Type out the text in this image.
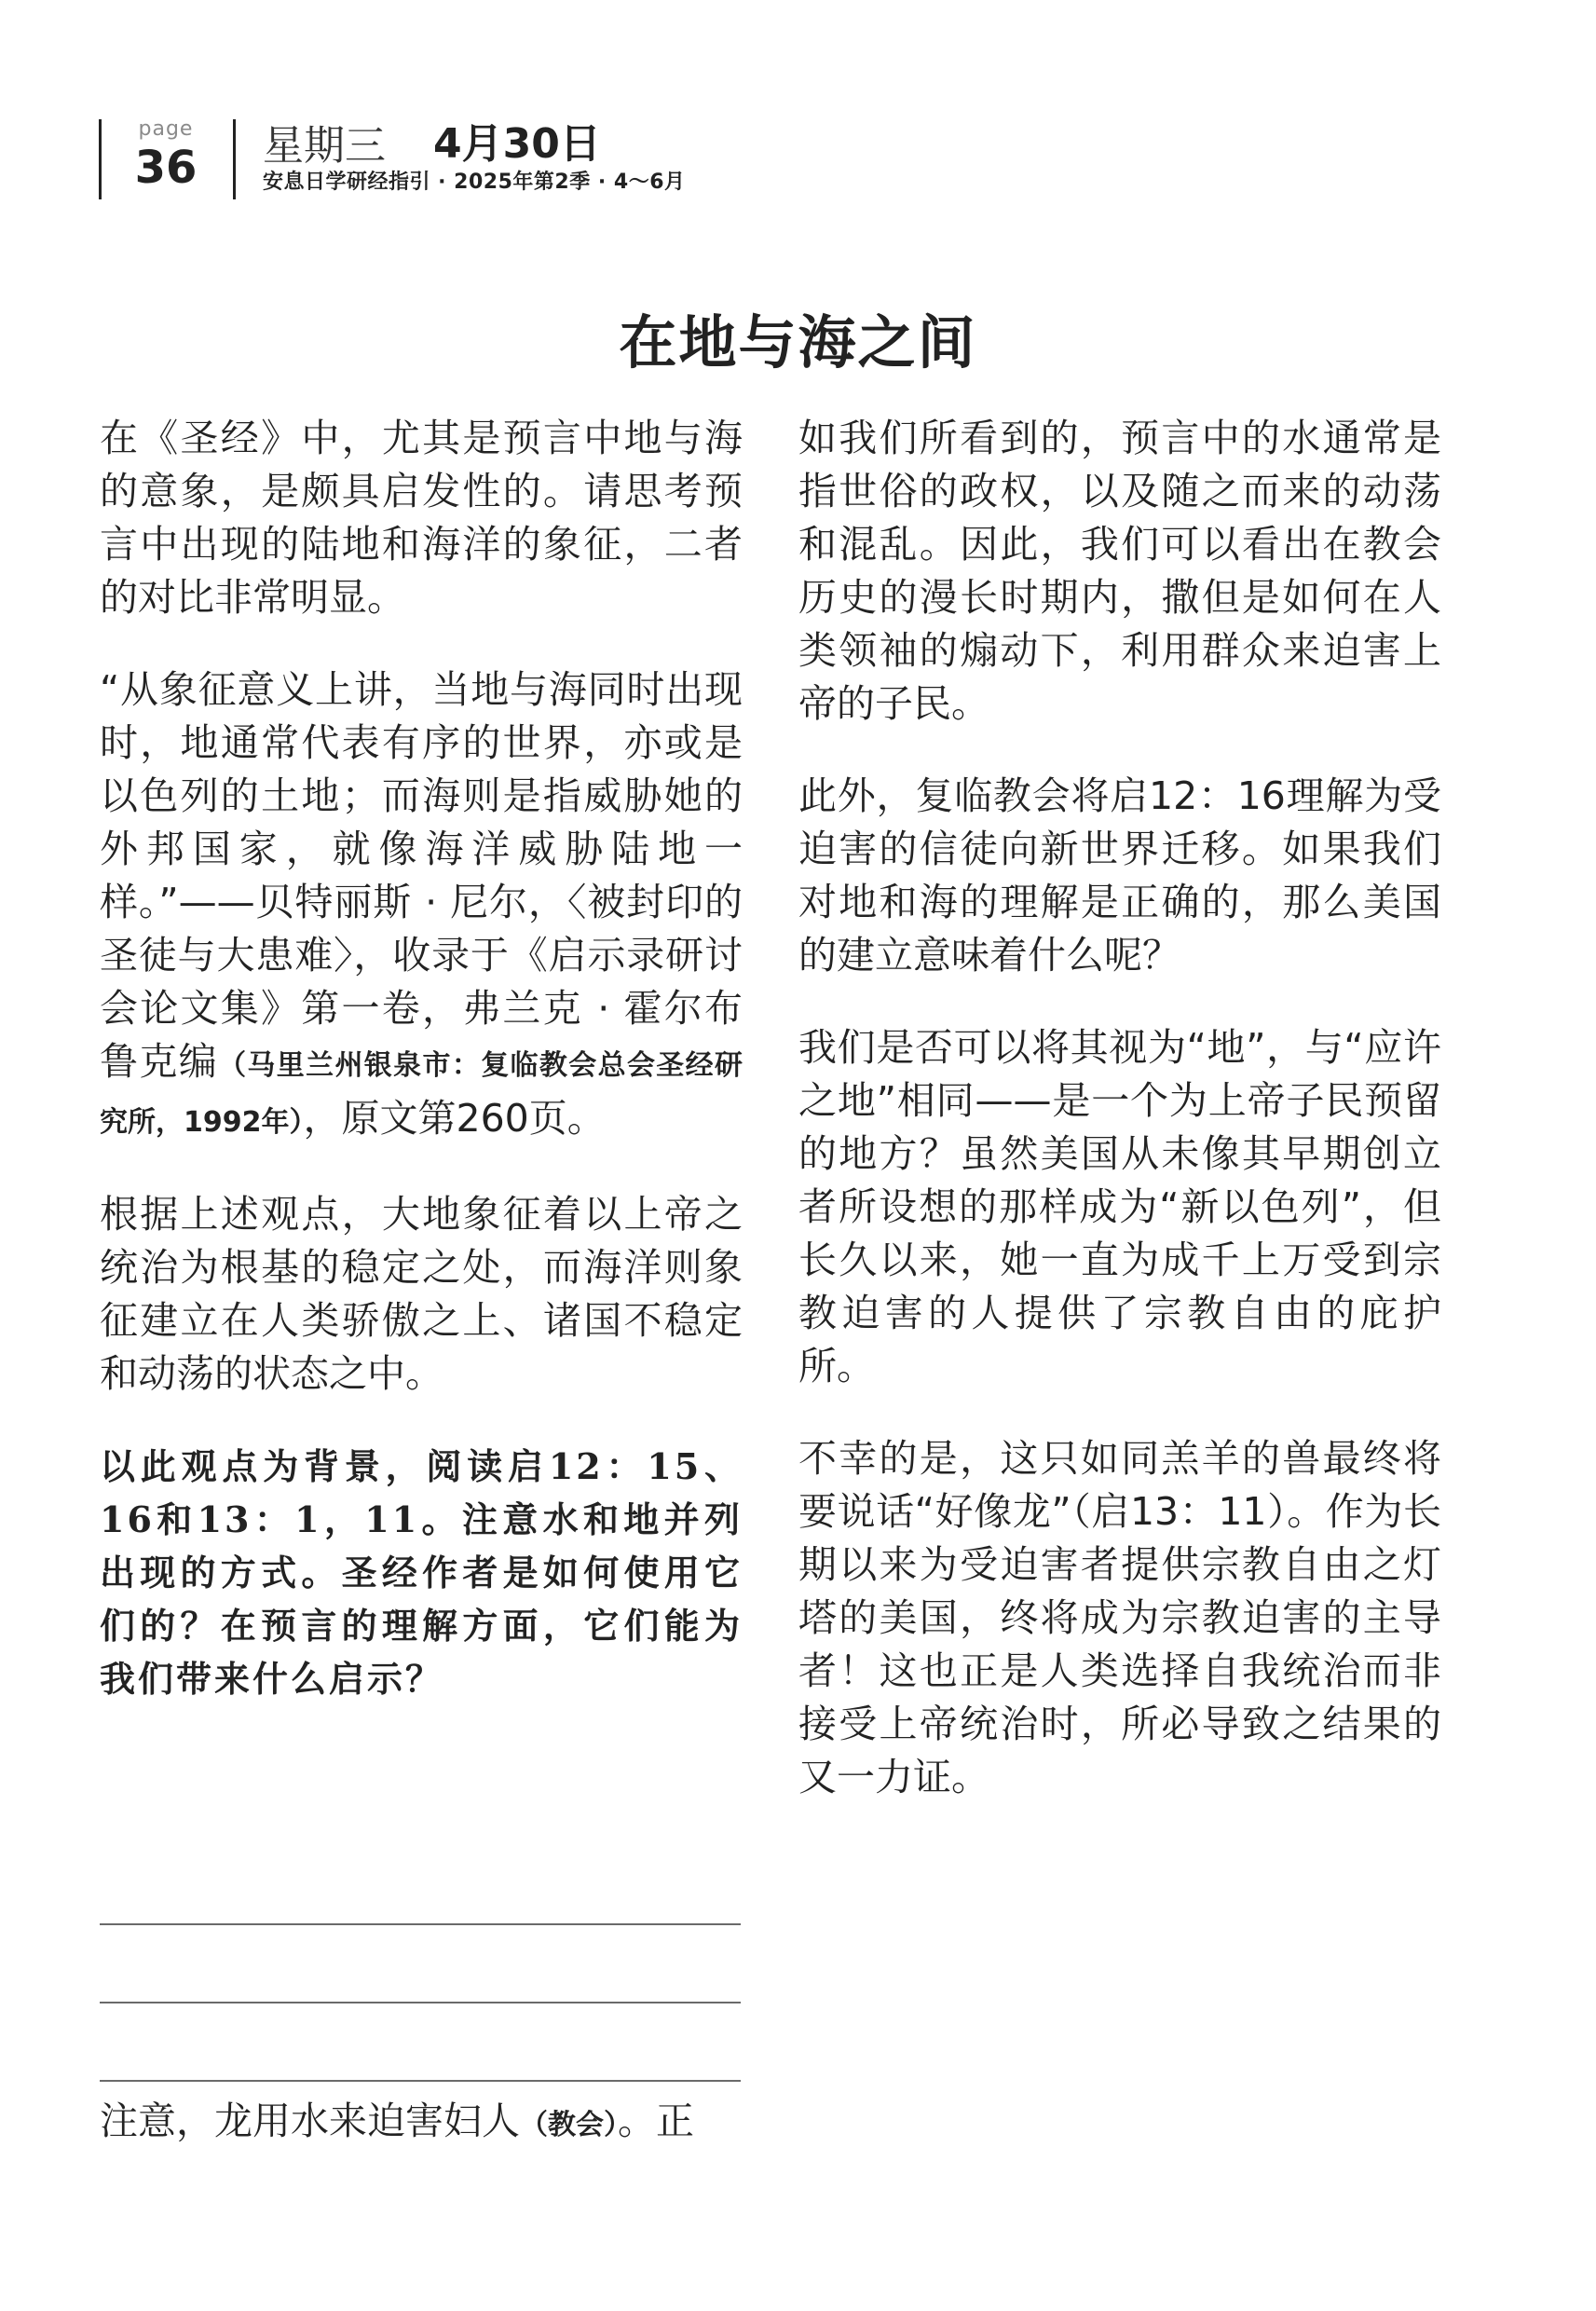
page
36	星期三 4月30日
安息日学研经指引 · 2025年第2季 · 4～6月
在地与海之间

在《圣经》中，尤其是预言中地与海的意象，是颇具启发性的。请思考预言中出现的陆地和海洋的象征，二者的对比非常明显。

“从象征意义上讲，当地与海同时出现时，地通常代表有序的世界，亦或是以色列的土地；而海则是指威胁她的外邦国家，就像海洋威胁陆地一样。”——贝特丽斯 · 尼尔，〈被封印的圣徒与大患难〉，收录于《启示录研讨会论文集》第一卷，弗兰克 · 霍尔布鲁克编（马里兰州银泉市：复临教会总会圣经研究所，1992年），原文第260页。

根据上述观点，大地象征着以上帝之统治为根基的稳定之处，而海洋则象征建立在人类骄傲之上、诸国不稳定和动荡的状态之中。

以此观点为背景，阅读启12：15、16和13：1，11。注意水和地并列出现的方式。圣经作者是如何使用它们的？在预言的理解方面，它们能为我们带来什么启示？

注意，龙用水来迫害妇人（教会）。正

如我们所看到的，预言中的水通常是指世俗的政权，以及随之而来的动荡和混乱。因此，我们可以看出在教会历史的漫长时期内，撒但是如何在人类领袖的煽动下，利用群众来迫害上帝的子民。

此外，复临教会将启12：16理解为受迫害的信徒向新世界迁移。如果我们对地和海的理解是正确的，那么美国的建立意味着什么呢？

我们是否可以将其视为“地”，与“应许之地”相同——是一个为上帝子民预留的地方？虽然美国从未像其早期创立者所设想的那样成为“新以色列”，但长久以来，她一直为成千上万受到宗教迫害的人提供了宗教自由的庇护所。

不幸的是，这只如同羔羊的兽最终将要说话“好像龙”（启13：11）。作为长期以来为受迫害者提供宗教自由之灯塔的美国，终将成为宗教迫害的主导者！这也正是人类选择自我统治而非接受上帝统治时，所必导致之结果的又一力证。
